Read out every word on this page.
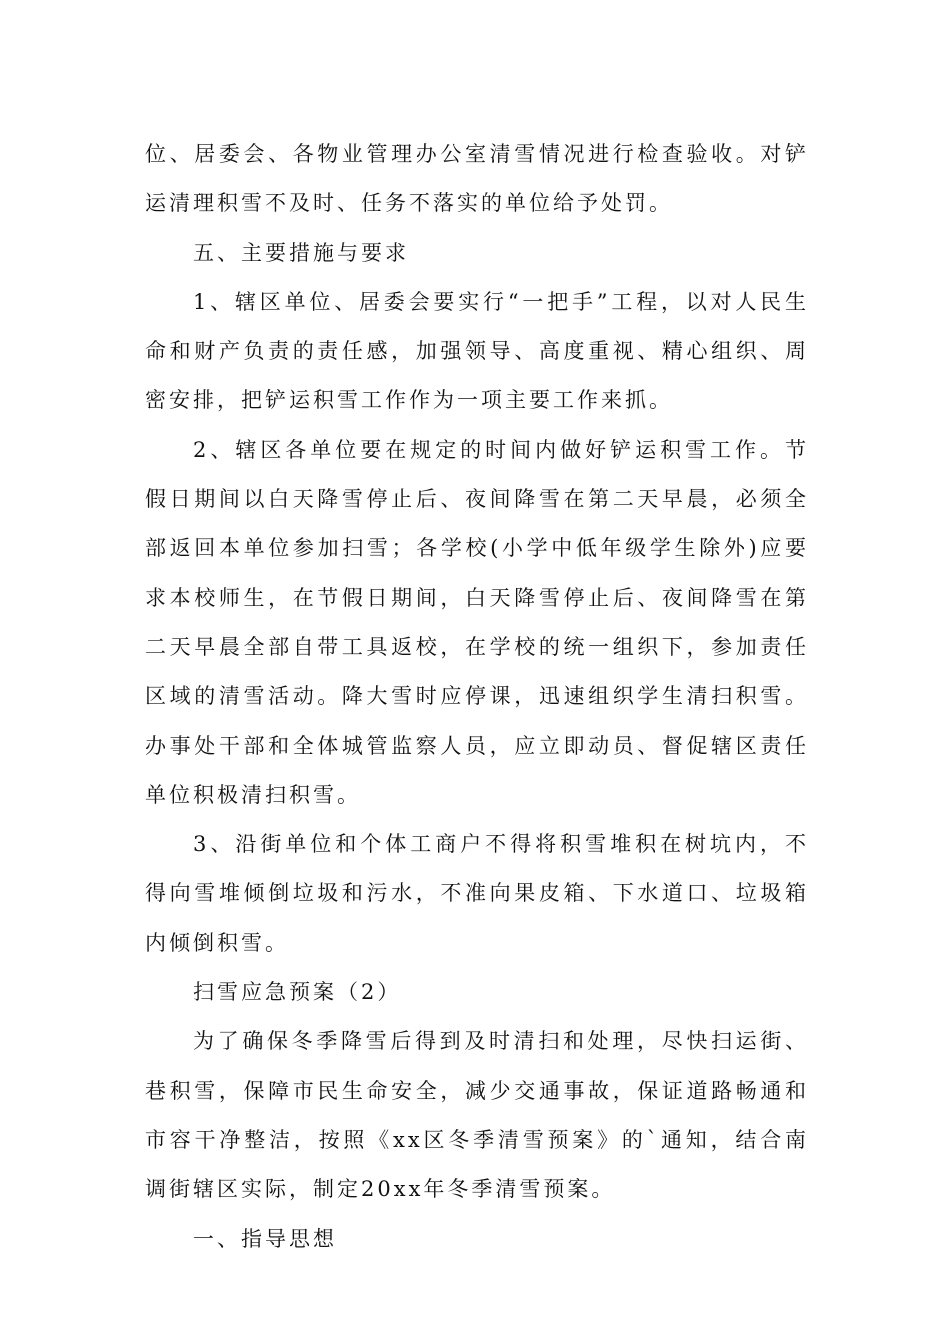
位、居委会、各物业管理办公室清雪情况进行检查验收。对铲运清理积雪不及时、任务不落实的单位给予处罚。

五、主要措施与要求

1、辖区单位、居委会要实行“一把手”工程，以对人民生命和财产负责的责任感，加强领导、高度重视、精心组织、周密安排，把铲运积雪工作作为一项主要工作来抓。

2、辖区各单位要在规定的时间内做好铲运积雪工作。节假日期间以白天降雪停止后、夜间降雪在第二天早晨，必须全部返回本单位参加扫雪；各学校(小学中低年级学生除外)应要求本校师生，在节假日期间，白天降雪停止后、夜间降雪在第二天早晨全部自带工具返校，在学校的统一组织下，参加责任区域的清雪活动。降大雪时应停课，迅速组织学生清扫积雪。办事处干部和全体城管监察人员，应立即动员、督促辖区责任单位积极清扫积雪。

3、沿街单位和个体工商户不得将积雪堆积在树坑内，不得向雪堆倾倒垃圾和污水，不准向果皮箱、下水道口、垃圾箱内倾倒积雪。

扫雪应急预案（2）

为了确保冬季降雪后得到及时清扫和处理，尽快扫运街、巷积雪，保障市民生命安全，减少交通事故，保证道路畅通和市容干净整洁，按照《xx区冬季清雪预案》的`通知，结合南调街辖区实际，制定20xx年冬季清雪预案。

一、指导思想
